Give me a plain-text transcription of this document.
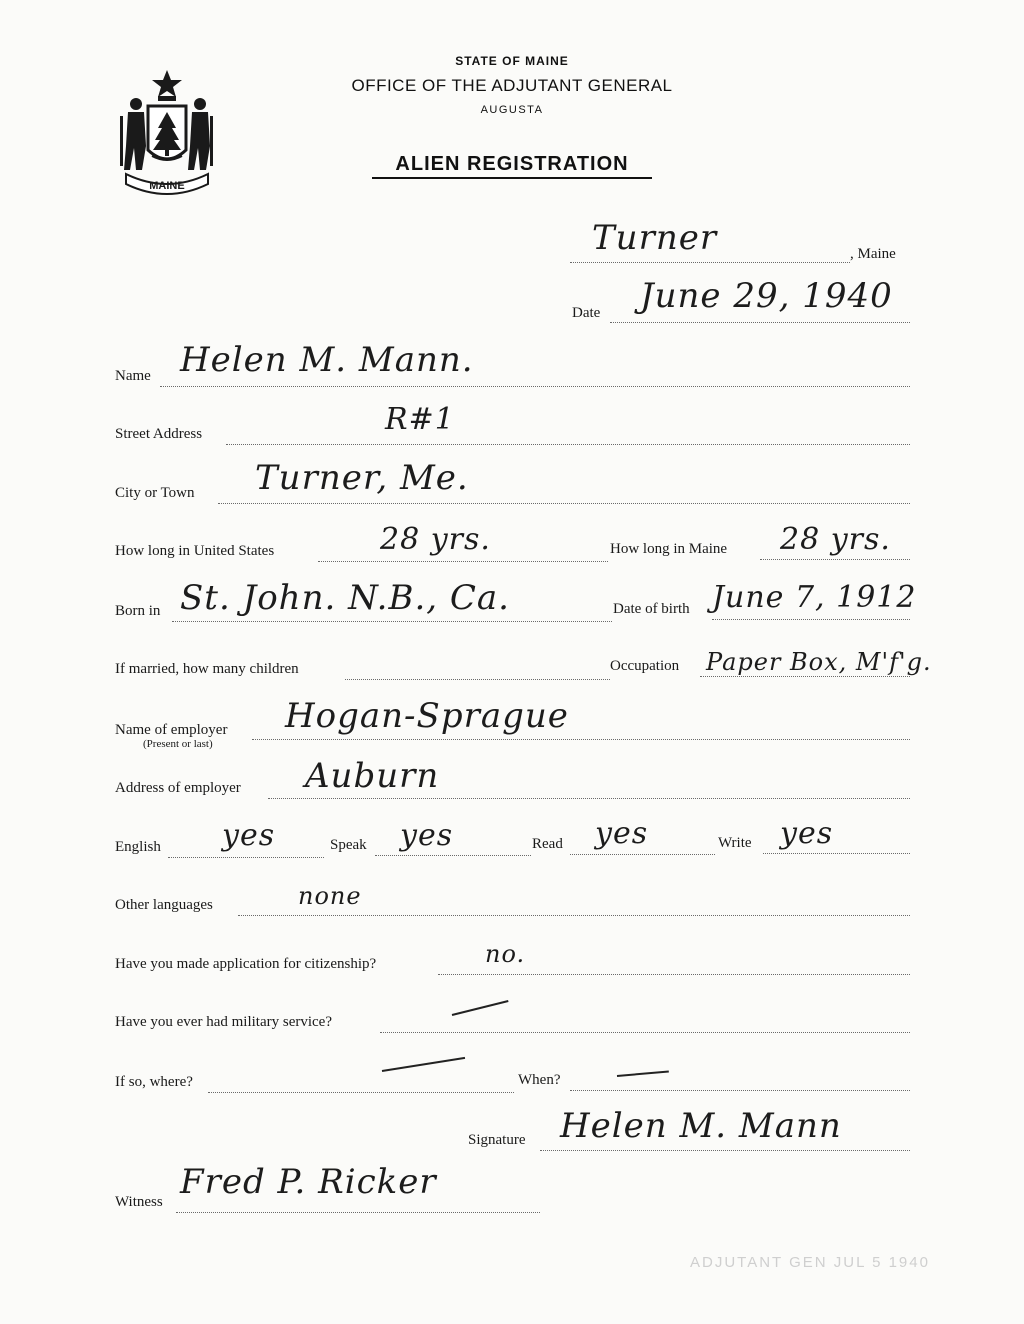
MAINE
STATE OF MAINE
OFFICE OF THE ADJUTANT GENERAL
AUGUSTA
ALIEN REGISTRATION
Turner	, Maine
Date June 29, 1940
Name Helen M. Mann.
Street Address	R#1
City or Town Turner, Me.
How long in United States	28 yrs.	How long in Maine 28 yrs.
Born in St. John. N.B., Ca.	Date of birth June 7, 1912
If married, how many children	Occupation Paper Box, M'f'g.
Name of employer
(Present or last)
Hogan-Sprague
Address of employer Auburn
English yes	Speak yes	Read yes	Write yes
Other languages	none
Have you made application for citizenship?	no.
Have you ever had military service?
If so, where?	When?
Signature Helen M. Mann
Witness Fred P. Ricker
ADJUTANT GEN JUL 5 1940
